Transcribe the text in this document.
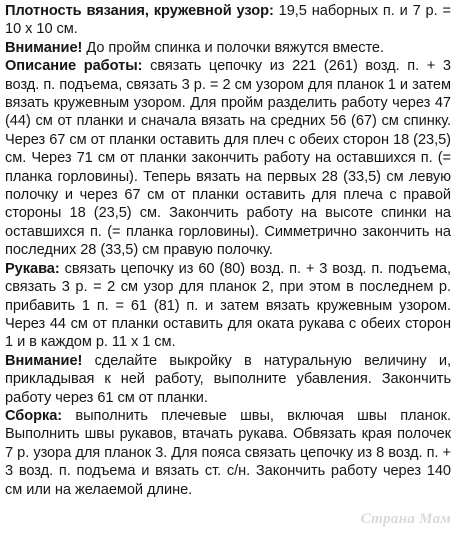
Плотность вязания, кружевной узор: 19,5 наборных п. и 7 р. = 10 х 10 см.

Внимание! До пройм спинка и полочки вяжутся вместе.

Описание работы: связать цепочку из 221 (261) возд. п. + 3 возд. п. подъема, связать 3 р. = 2 см узором для планок 1 и затем вязать кружевным узором. Для пройм разделить работу через 47 (44) см от планки и сначала вязать на средних 56 (67) см спинку. Через 67 см от планки оставить для плеч с обеих сторон 18 (23,5) см. Через 71 см от планки закончить работу на оставшихся п. (= планка горловины). Теперь вязать на первых 28 (33,5) см левую полочку и через 67 см от планки оставить для плеча с правой стороны 18 (23,5) см. Закончить работу на высоте спинки на оставшихся п. (= планка горловины). Симметрично закончить на последних 28 (33,5) см правую полочку.

Рукава: связать цепочку из 60 (80) возд. п. + 3 возд. п. подъема, связать 3 р. = 2 см узор для планок 2, при этом в последнем р. прибавить 1 п. = 61 (81) п. и затем вязать кружевным узором. Через 44 см от планки оставить для оката рукава с обеих сторон 1 и в каждом р. 11 х 1 см.

Внимание! сделайте выкройку в натуральную величину и, прикладывая к ней работу, выполните убавления. Закончить работу через 61 см от планки.

Сборка: выполнить плечевые швы, включая швы планок. Выполнить швы рукавов, втачать рукава. Обвязать края полочек 7 р. узора для планок 3. Для пояса связать цепочку из 8 возд. п. + 3 возд. п. подъема и вязать ст. с/н. Закончить работу через 140 см или на желаемой длине.

Страна Мам
